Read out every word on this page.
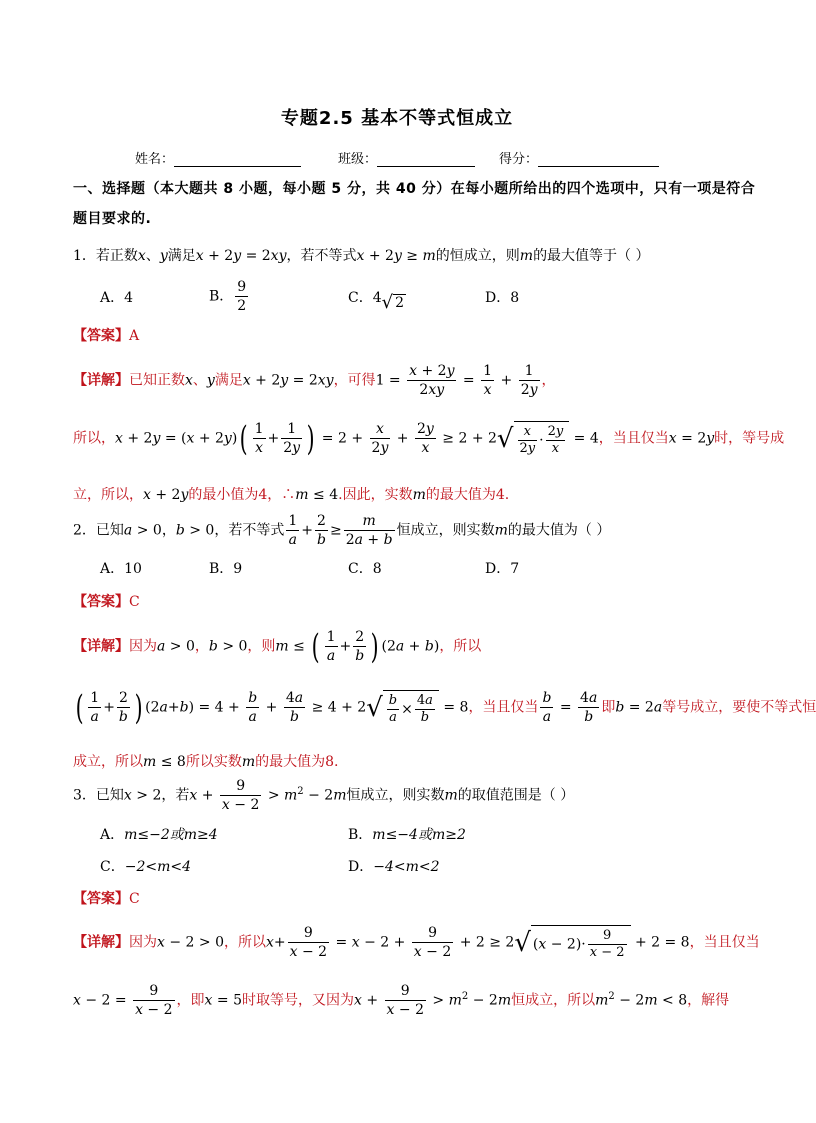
专题2.5 基本不等式恒成立
姓名：	班级：	得分：
一、选择题（本大题共 8 小题，每小题 5 分，共 40 分）在每小题所给出的四个选项中，只有一项是符合
题目要求的.
1．若正数x、y满足x + 2y = 2xy，若不等式x + 2y ≥ m的恒成立，则m的最大值等于（ ）
A．4	B． $\frac{9}{2}$	C．4√ 2	D．8
【答案】A
【详解】已知正数x、y满足x + 2y = 2xy，可得$1 = \frac{x + 2y}{2xy} = \frac{1}{x} + \frac{1}{2y}$ ，
所以，$x + 2y = (x + 2y)( \frac{1}{x} + \frac{1}{2y}$ ) = $2 + \frac{x}{2y} + \frac{2y}{x} \ge 2 + 2√ \frac{x}{2y} \cdot \frac{2y}{x} = 4$，当且仅当x = 2y时，等号成
立，所以，x + 2y的最小值为4，∴m ≤ 4.因此，实数m的最大值为4.
2．已知a > 0，b > 0，若不等式 $\frac{1}{a} + \frac{2}{b} \ge \frac{m}{2a + b}$ 恒成立，则实数m的最大值为（ ）
A．10	B．9	C．8	D．7
【答案】C
【详解】因为a > 0，b > 0，则m ≤ ( $\frac{1}{a} + \frac{2}{b}$ ) (2a + b)，所以
( $\frac{1}{a} + \frac{2}{b}$ ) $(2a+b) = 4 + \frac{b}{a} + \frac{4a}{b} \ge 4 + 2√ \frac{b}{a} \times \frac{4a}{b} = 8$，当且仅当 $\frac{b}{a} = \frac{4a}{b}$ 即b = 2a等号成立，要使不等式恒
成立，所以m ≤ 8所以实数m的最大值为8.
3．已知x > 2，若$x + \frac{9}{x - 2} > m^2 - 2m$恒成立，则实数m的取值范围是（ ）
A．m≤−2或m≥4	B．m≤−4或m≥2
C．−2<m<4	D．−4<m<2
【答案】C
【详解】因为x − 2 > 0，所以$x+ \frac{9}{x - 2} = x - 2 + \frac{9}{x - 2} + 2 \ge 2√$ $(x - 2)\cdot \frac{9}{x - 2} + 2 = 8$，当且仅当
$x - 2 = \frac{9}{x - 2}$ ，即x = 5时取等号，又因为$x + \frac{9}{x - 2} > m^2 - 2m$恒成立，所以$m^2 - 2m < 8$，解得
